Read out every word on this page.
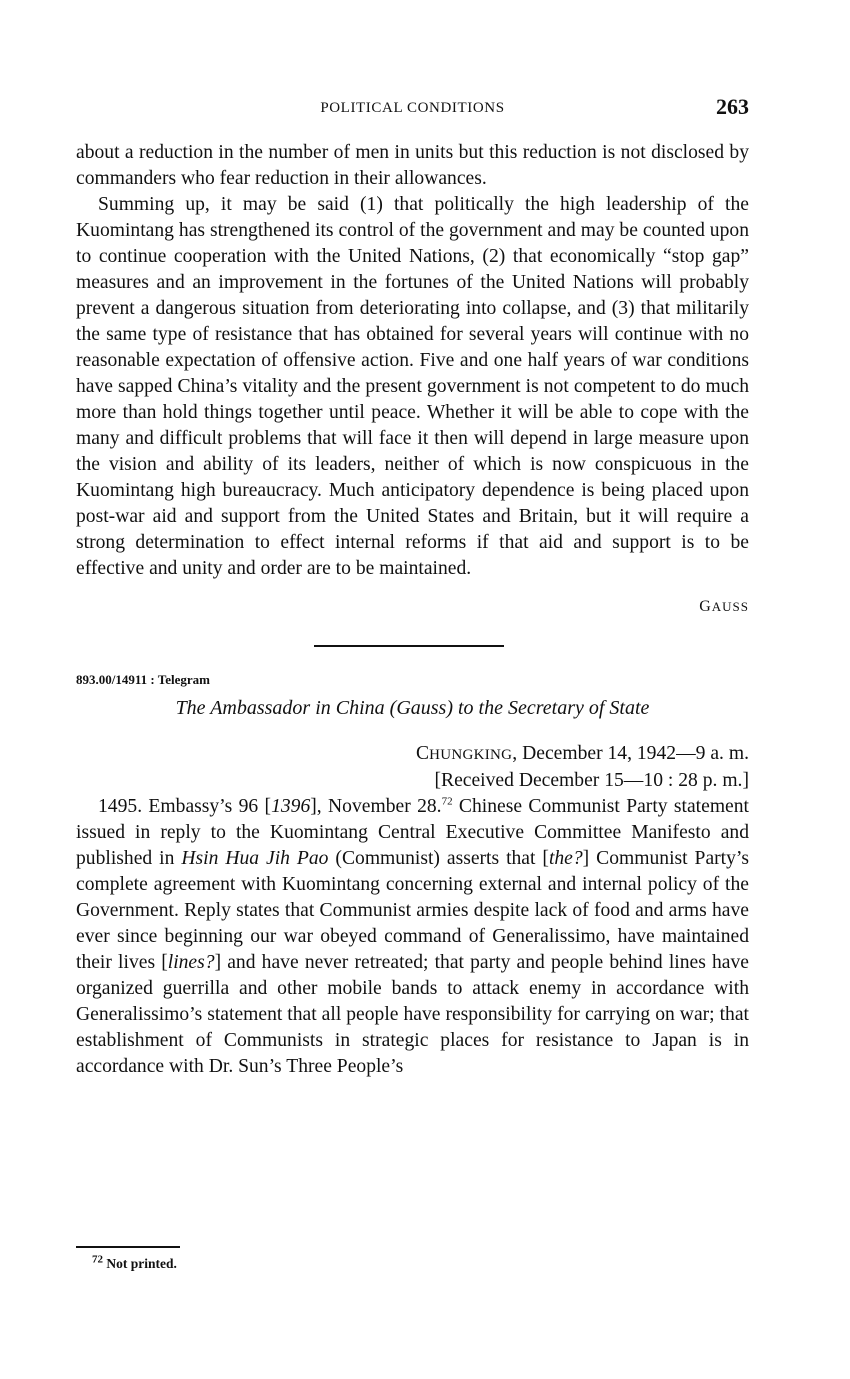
POLITICAL CONDITIONS	263

about a reduction in the number of men in units but this reduction is not disclosed by commanders who fear reduction in their allowances.

Summing up, it may be said (1) that politically the high leadership of the Kuomintang has strengthened its control of the government and may be counted upon to continue cooperation with the United Nations, (2) that economically “stop gap” measures and an improvement in the fortunes of the United Nations will probably prevent a dangerous situation from deteriorating into collapse, and (3) that militarily the same type of resistance that has obtained for several years will continue with no reasonable expectation of offensive action. Five and one half years of war conditions have sapped China’s vitality and the present government is not competent to do much more than hold things together until peace. Whether it will be able to cope with the many and difficult problems that will face it then will depend in large measure upon the vision and ability of its leaders, neither of which is now conspicuous in the Kuomintang high bureaucracy. Much anticipatory dependence is being placed upon post-war aid and support from the United States and Britain, but it will require a strong determination to effect internal reforms if that aid and support is to be effective and unity and order are to be maintained.

GAUSS
893.00/14911 : Telegram
The Ambassador in China (Gauss) to the Secretary of State
CHUNGKING, December 14, 1942—9 a. m.
[Received December 15—10 : 28 p. m.]

1495. Embassy’s 96 [1396], November 28.72 Chinese Communist Party statement issued in reply to the Kuomintang Central Executive Committee Manifesto and published in Hsin Hua Jih Pao (Communist) asserts that [the?] Communist Party’s complete agreement with Kuomintang concerning external and internal policy of the Government. Reply states that Communist armies despite lack of food and arms have ever since beginning our war obeyed command of Generalissimo, have maintained their lives [lines?] and have never retreated; that party and people behind lines have organized guerrilla and other mobile bands to attack enemy in accordance with Generalissimo’s statement that all people have responsibility for carrying on war; that establishment of Communists in strategic places for resistance to Japan is in accordance with Dr. Sun’s Three People’s

$^{72}$ Not printed.
